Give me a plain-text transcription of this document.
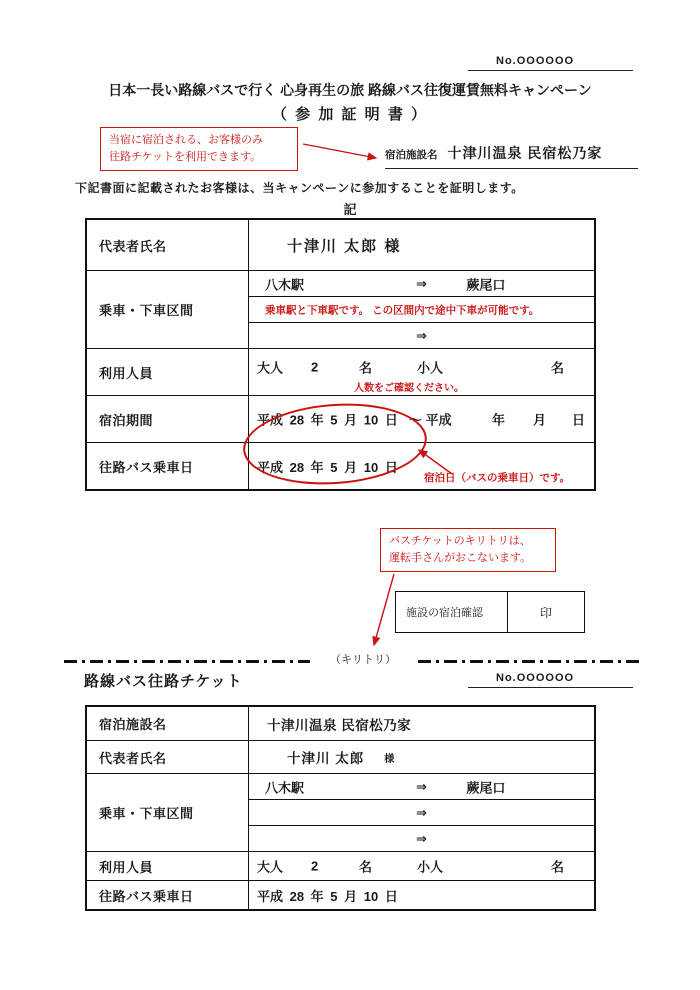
No.OOOOOO
日本一長い路線バスで行く 心身再生の旅 路線バス往復運賃無料キャンペーン
（ 参 加 証 明 書 ）
当宿に宿泊される、お客様のみ
往路チケットを利用できます。	宿泊施設名 十津川温泉 民宿松乃家
下記書面に記載されたお客様は、当キャンペーンに参加することを証明します。
記
代表者氏名	十津川 太郎 様
乗車・下車区間
八木駅	⇒	蕨尾口
乗車駅と下車駅です。 この区間内で途中下車が可能です。
⇒
利用人員	大人 2	名	小人	名
人数をご確認ください。
宿泊期間	平成 28 年 5 月 10 日 ～ 平成	年 月 日
往路バス乗車日	平成 28 年 5 月 10 日
宿泊日（バスの乗車日）です。
バスチケットのキリトリは、
運転手さんがおこないます。
施設の宿泊確認	印
（キリトリ）
路線バス往路チケット	No.OOOOOO
宿泊施設名	十津川温泉 民宿松乃家
代表者氏名	十津川 太郎 様
乗車・下車区間
八木駅	⇒	蕨尾口
⇒
⇒
利用人員	大人 2	名	小人	名
往路バス乗車日	平成 28 年 5 月 10 日
